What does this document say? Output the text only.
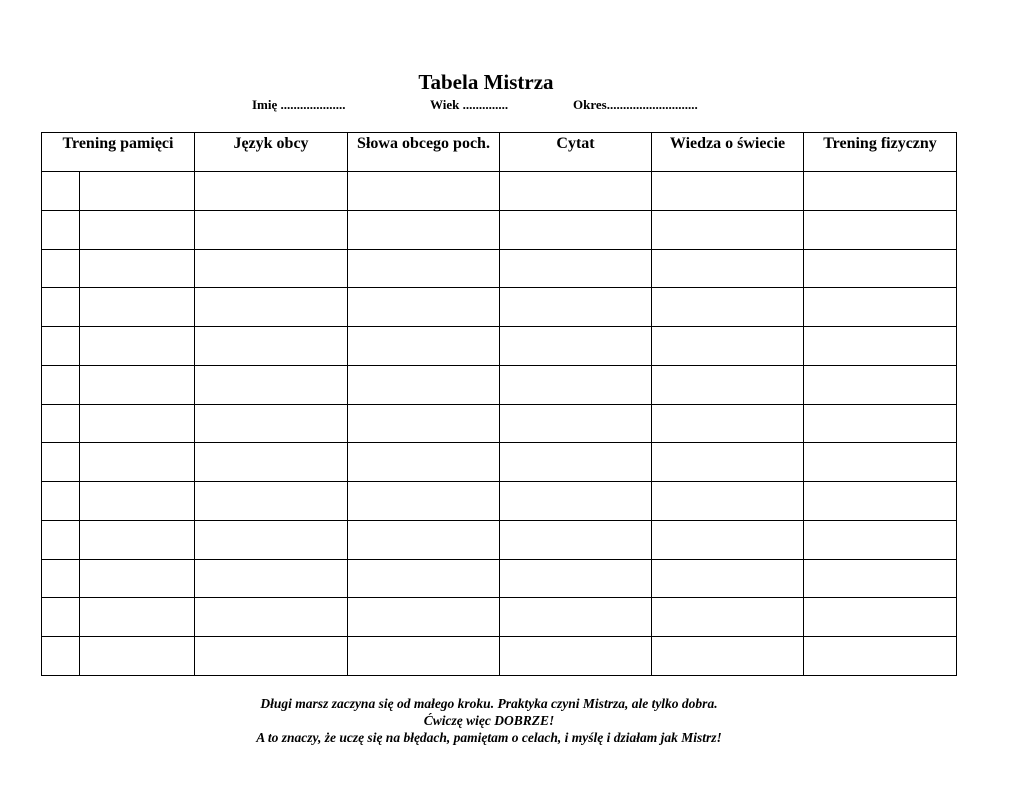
Tabela Mistrza
Imię ....................	Wiek ..............	Okres............................
Trening pamięci		Język obcy	Słowa obcego poch.	Cytat	Wiedza o świecie	Trening fizyczny

Długi marsz zaczyna się od małego kroku. Praktyka czyni Mistrza, ale tylko dobra.
Ćwiczę więc DOBRZE!
A to znaczy, że uczę się na błędach, pamiętam o celach, i myślę i działam jak Mistrz!
